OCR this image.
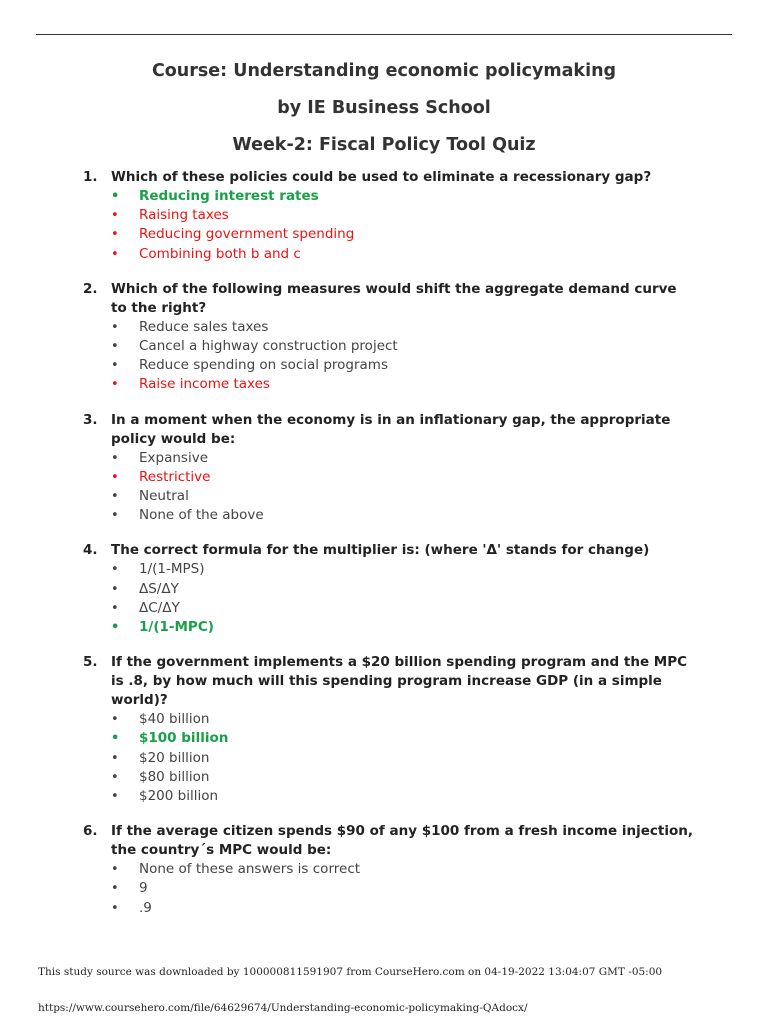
Course: Understanding economic policymaking
by IE Business School
Week-2: Fiscal Policy Tool Quiz
1. Which of these policies could be used to eliminate a recessionary gap?
•	Reducing interest rates
•	Raising taxes
•	Reducing government spending
•	Combining both b and c
2. Which of the following measures would shift the aggregate demand curve to the right?
•	Reduce sales taxes
•	Cancel a highway construction project
•	Reduce spending on social programs
•	Raise income taxes
3. In a moment when the economy is in an inflationary gap, the appropriate policy would be:
•	Expansive
•	Restrictive
•	Neutral
•	None of the above
4. The correct formula for the multiplier is: (where 'Δ' stands for change)
•	1/(1-MPS)
•	ΔS/ΔY
•	ΔC/ΔY
•	1/(1-MPC)
5. If the government implements a $20 billion spending program and the MPC is .8, by how much will this spending program increase GDP (in a simple world)?
•	$40 billion
•	$100 billion
•	$20 billion
•	$80 billion
•	$200 billion
6. If the average citizen spends $90 of any $100 from a fresh income injection, the country´s MPC would be:
•	None of these answers is correct
•	9
•	.9
This study source was downloaded by 100000811591907 from CourseHero.com on 04-19-2022 13:04:07 GMT -05:00
https://www.coursehero.com/file/64629674/Understanding-economic-policymaking-QAdocx/
